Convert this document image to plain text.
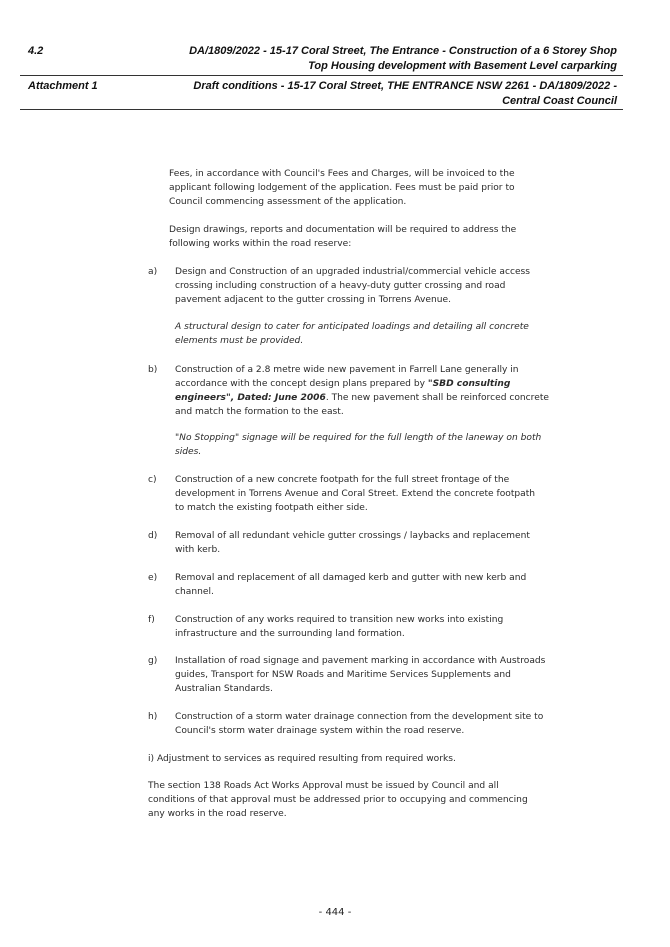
4.2	DA/1809/2022 - 15-17 Coral Street, The Entrance - Construction of a 6 Storey Shop
Top Housing development with Basement Level carparking
Attachment 1	Draft conditions - 15-17 Coral Street, THE ENTRANCE NSW 2261 - DA/1809/2022 -
Central Coast Council
Fees, in accordance with Council's Fees and Charges, will be invoiced to the
applicant following lodgement of the application. Fees must be paid prior to
Council commencing assessment of the application.
Design drawings, reports and documentation will be required to address the
following works within the road reserve:
a) Design and Construction of an upgraded industrial/commercial vehicle access
crossing including construction of a heavy-duty gutter crossing and road
pavement adjacent to the gutter crossing in Torrens Avenue.
A structural design to cater for anticipated loadings and detailing all concrete
elements must be provided.
b) Construction of a 2.8 metre wide new pavement in Farrell Lane generally in
accordance with the concept design plans prepared by "SBD consulting
engineers", Dated: June 2006. The new pavement shall be reinforced concrete
and match the formation to the east.
"No Stopping" signage will be required for the full length of the laneway on both
sides.
c) Construction of a new concrete footpath for the full street frontage of the
development in Torrens Avenue and Coral Street. Extend the concrete footpath
to match the existing footpath either side.
d) Removal of all redundant vehicle gutter crossings / laybacks and replacement
with kerb.
e) Removal and replacement of all damaged kerb and gutter with new kerb and
channel.
f) Construction of any works required to transition new works into existing
infrastructure and the surrounding land formation.
g) Installation of road signage and pavement marking in accordance with Austroads
guides, Transport for NSW Roads and Maritime Services Supplements and
Australian Standards.
h) Construction of a storm water drainage connection from the development site to
Council's storm water drainage system within the road reserve.
i) Adjustment to services as required resulting from required works.
The section 138 Roads Act Works Approval must be issued by Council and all
conditions of that approval must be addressed prior to occupying and commencing
any works in the road reserve.
- 444 -
